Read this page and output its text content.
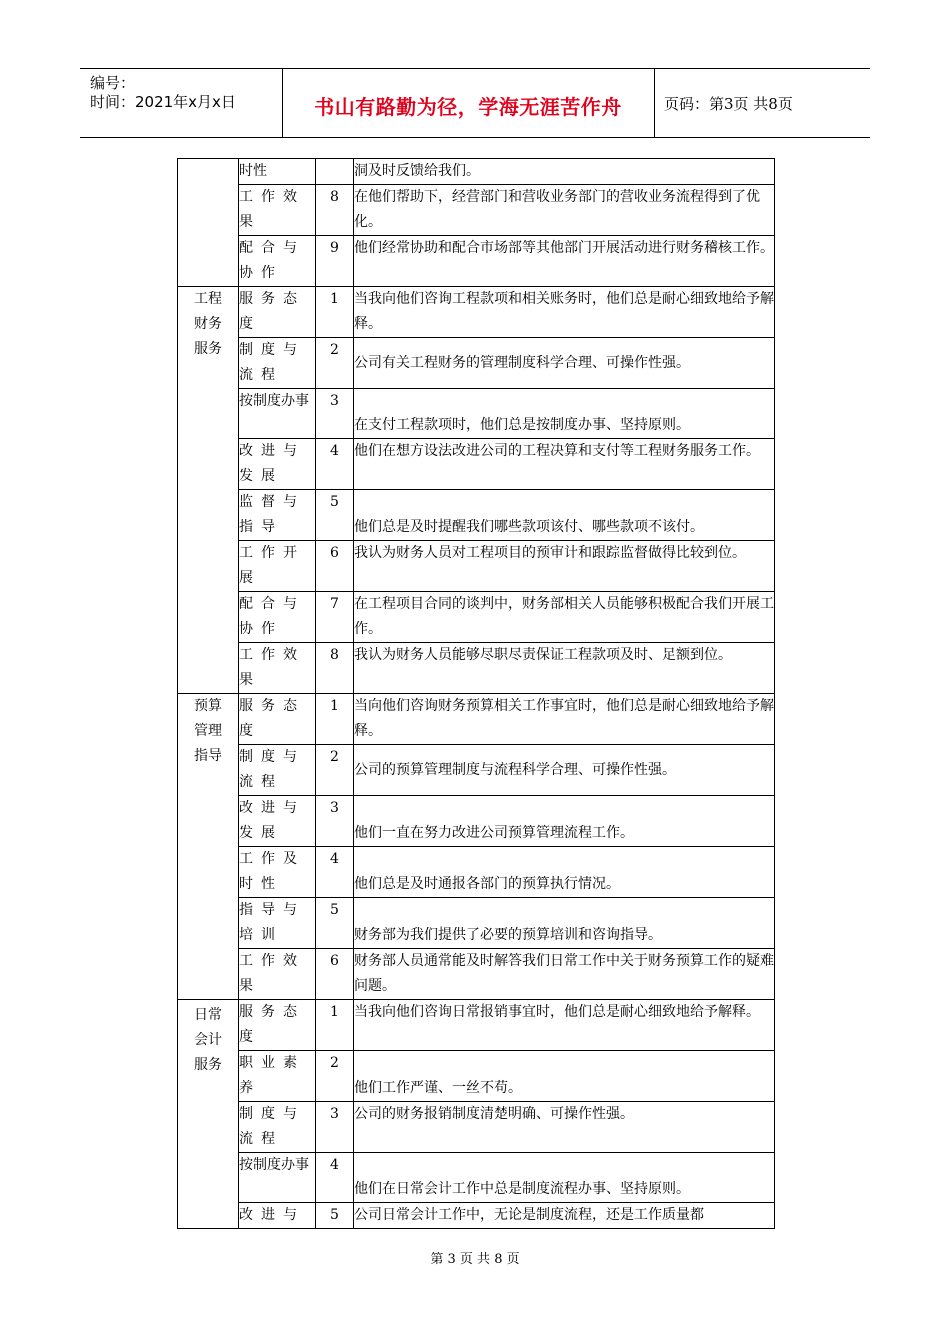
编号：
时间：2021年x月x日	书山有路勤为径，学海无涯苦作舟	页码：第3页 共8页
	时性		洞及时反馈给我们。
	工作效果	8	在他们帮助下，经营部门和营收业务部门的营收业务流程得到了优化。
	配合与协作	9	他们经常协助和配合市场部等其他部门开展活动进行财务稽核工作。
工程财务服务	服务态度	1	当我向他们咨询工程款项和相关账务时，他们总是耐心细致地给予解释。
	制度与流程	2	公司有关工程财务的管理制度科学合理、可操作性强。
	按制度办事	3	在支付工程款项时，他们总是按制度办事、坚持原则。
	改进与发展	4	他们在想方设法改进公司的工程决算和支付等工程财务服务工作。
	监督与指导	5	他们总是及时提醒我们哪些款项该付、哪些款项不该付。
	工作开展	6	我认为财务人员对工程项目的预审计和跟踪监督做得比较到位。
	配合与协作	7	在工程项目合同的谈判中，财务部相关人员能够积极配合我们开展工作。
	工作效果	8	我认为财务人员能够尽职尽责保证工程款项及时、足额到位。
预算管理指导	服务态度	1	当向他们咨询财务预算相关工作事宜时，他们总是耐心细致地给予解释。
	制度与流程	2	公司的预算管理制度与流程科学合理、可操作性强。
	改进与发展	3	他们一直在努力改进公司预算管理流程工作。
	工作及时性	4	他们总是及时通报各部门的预算执行情况。
	指导与培训	5	财务部为我们提供了必要的预算培训和咨询指导。
	工作效果	6	财务部人员通常能及时解答我们日常工作中关于财务预算工作的疑难问题。
日常会计服务	服务态度	1	当我向他们咨询日常报销事宜时，他们总是耐心细致地给予解释。
	职业素养	2	他们工作严谨、一丝不苟。
	制度与流程	3	公司的财务报销制度清楚明确、可操作性强。
	按制度办事	4	他们在日常会计工作中总是制度流程办事、坚持原则。
	改进与	5	公司日常会计工作中，无论是制度流程，还是工作质量都
第 3 页 共 8 页
